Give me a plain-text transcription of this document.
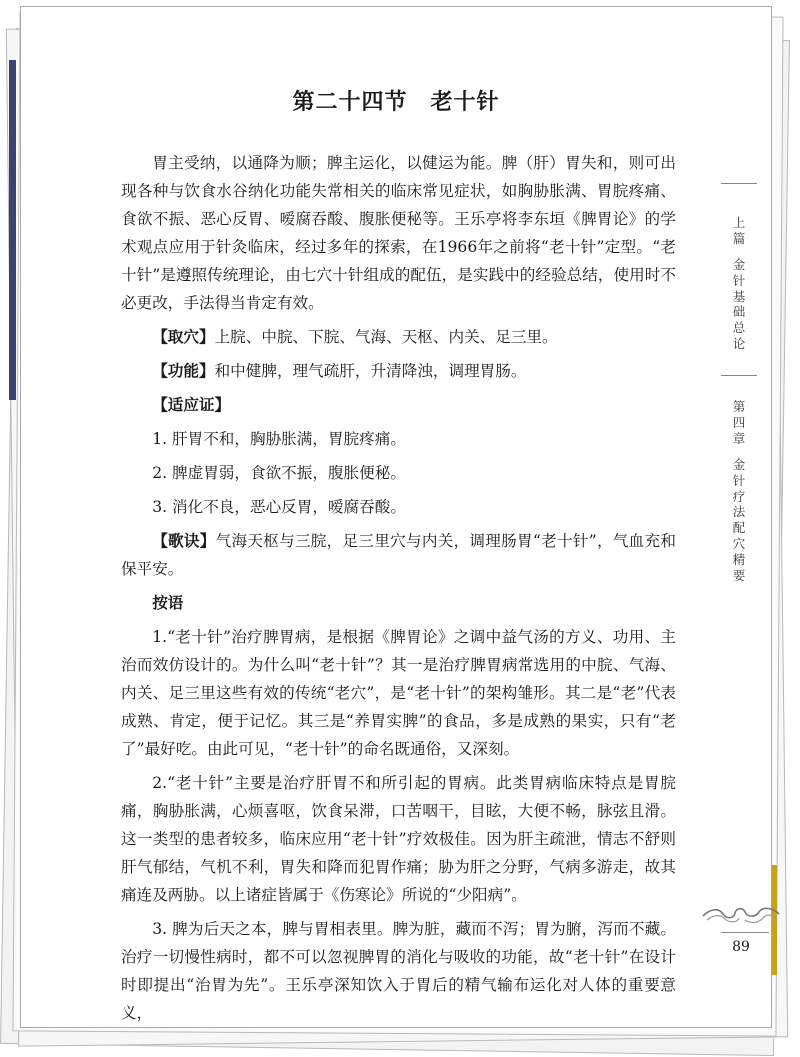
第二十四节　老十针

胃主受纳，以通降为顺；脾主运化，以健运为能。脾（肝）胃失和，则可出现各种与饮食水谷纳化功能失常相关的临床常见症状，如胸胁胀满、胃脘疼痛、食欲不振、恶心反胃、嗳腐吞酸、腹胀便秘等。王乐亭将李东垣《脾胃论》的学术观点应用于针灸临床，经过多年的探索，在1966年之前将“老十针”定型。“老十针”是遵照传统理论，由七穴十针组成的配伍，是实践中的经验总结，使用时不必更改，手法得当肯定有效。

【取穴】上脘、中脘、下脘、气海、天枢、内关、足三里。

【功能】和中健脾，理气疏肝，升清降浊，调理胃肠。

【适应证】

1. 肝胃不和，胸胁胀满，胃脘疼痛。

2. 脾虚胃弱，食欲不振，腹胀便秘。

3. 消化不良，恶心反胃，嗳腐吞酸。

【歌诀】气海天枢与三脘，足三里穴与内关，调理肠胃“老十针”，气血充和保平安。

按语

1.“老十针”治疗脾胃病，是根据《脾胃论》之调中益气汤的方义、功用、主治而效仿设计的。为什么叫“老十针”？其一是治疗脾胃病常选用的中脘、气海、内关、足三里这些有效的传统“老穴”，是“老十针”的架构雏形。其二是“老”代表成熟、肯定，便于记忆。其三是“养胃实脾”的食品，多是成熟的果实，只有“老了”最好吃。由此可见，“老十针”的命名既通俗，又深刻。

2.“老十针”主要是治疗肝胃不和所引起的胃病。此类胃病临床特点是胃脘痛，胸胁胀满，心烦喜呕，饮食呆滞，口苦咽干，目眩，大便不畅，脉弦且滑。这一类型的患者较多，临床应用“老十针”疗效极佳。因为肝主疏泄，情志不舒则肝气郁结，气机不利，胃失和降而犯胃作痛；胁为肝之分野，气病多游走，故其痛连及两胁。以上诸症皆属于《伤寒论》所说的“少阳病”。

3. 脾为后天之本，脾与胃相表里。脾为脏，藏而不泻；胃为腑，泻而不藏。治疗一切慢性病时，都不可以忽视脾胃的消化与吸收的功能，故“老十针”在设计时即提出“治胃为先”。王乐亭深知饮入于胃后的精气输布运化对人体的重要意义，

上篇
金针基础总论
第四章
金针疗法配穴精要
89
